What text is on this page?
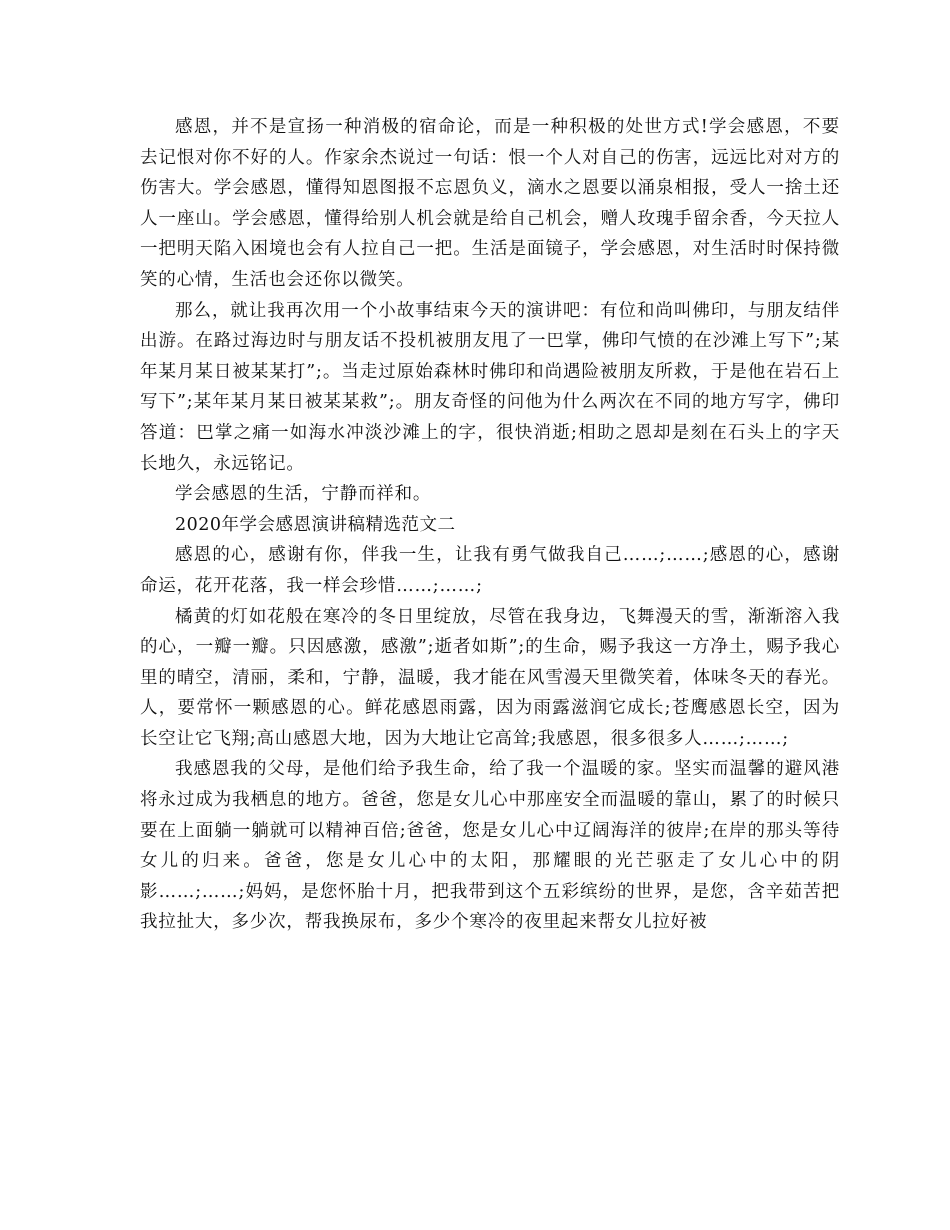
感恩，并不是宣扬一种消极的宿命论，而是一种积极的处世方式!学会感恩，不要去记恨对你不好的人。作家余杰说过一句话：恨一个人对自己的伤害，远远比对对方的伤害大。学会感恩，懂得知恩图报不忘恩负义，滴水之恩要以涌泉相报，受人一捨土还人一座山。学会感恩，懂得给别人机会就是给自己机会，赠人玫瑰手留余香，今天拉人一把明天陷入困境也会有人拉自己一把。生活是面镜子，学会感恩，对生活时时保持微笑的心情，生活也会还你以微笑。

那么，就让我再次用一个小故事结束今天的演讲吧：有位和尚叫佛印，与朋友结伴出游。在路过海边时与朋友话不投机被朋友甩了一巴掌，佛印气愤的在沙滩上写下”;某年某月某日被某某打”;。当走过原始森林时佛印和尚遇险被朋友所救，于是他在岩石上写下”;某年某月某日被某某救”;。朋友奇怪的问他为什么两次在不同的地方写字，佛印答道：巴掌之痛一如海水冲淡沙滩上的字，很快消逝;相助之恩却是刻在石头上的字天长地久，永远铭记。

学会感恩的生活，宁静而祥和。

2020年学会感恩演讲稿精选范文二

感恩的心，感谢有你，伴我一生，让我有勇气做我自己……;……;感恩的心，感谢命运，花开花落，我一样会珍惜……;……;

橘黄的灯如花般在寒冷的冬日里绽放，尽管在我身边，飞舞漫天的雪，渐渐溶入我的心，一瓣一瓣。只因感激，感激”;逝者如斯”;的生命，赐予我这一方净土，赐予我心里的晴空，清丽，柔和，宁静，温暖，我才能在风雪漫天里微笑着，体味冬天的春光。人，要常怀一颗感恩的心。鲜花感恩雨露，因为雨露滋润它成长;苍鹰感恩长空，因为长空让它飞翔;高山感恩大地，因为大地让它高耸;我感恩，很多很多人……;……;

我感恩我的父母，是他们给予我生命，给了我一个温暖的家。坚实而温馨的避风港将永过成为我栖息的地方。爸爸，您是女儿心中那座安全而温暖的靠山，累了的时候只要在上面躺一躺就可以精神百倍;爸爸，您是女儿心中辽阔海洋的彼岸;在岸的那头等待女儿的归来。爸爸，您是女儿心中的太阳，那耀眼的光芒驱走了女儿心中的阴影……;……;妈妈，是您怀胎十月，把我带到这个五彩缤纷的世界，是您，含辛茹苦把我拉扯大，多少次，帮我换尿布，多少个寒冷的夜里起来帮女儿拉好被
